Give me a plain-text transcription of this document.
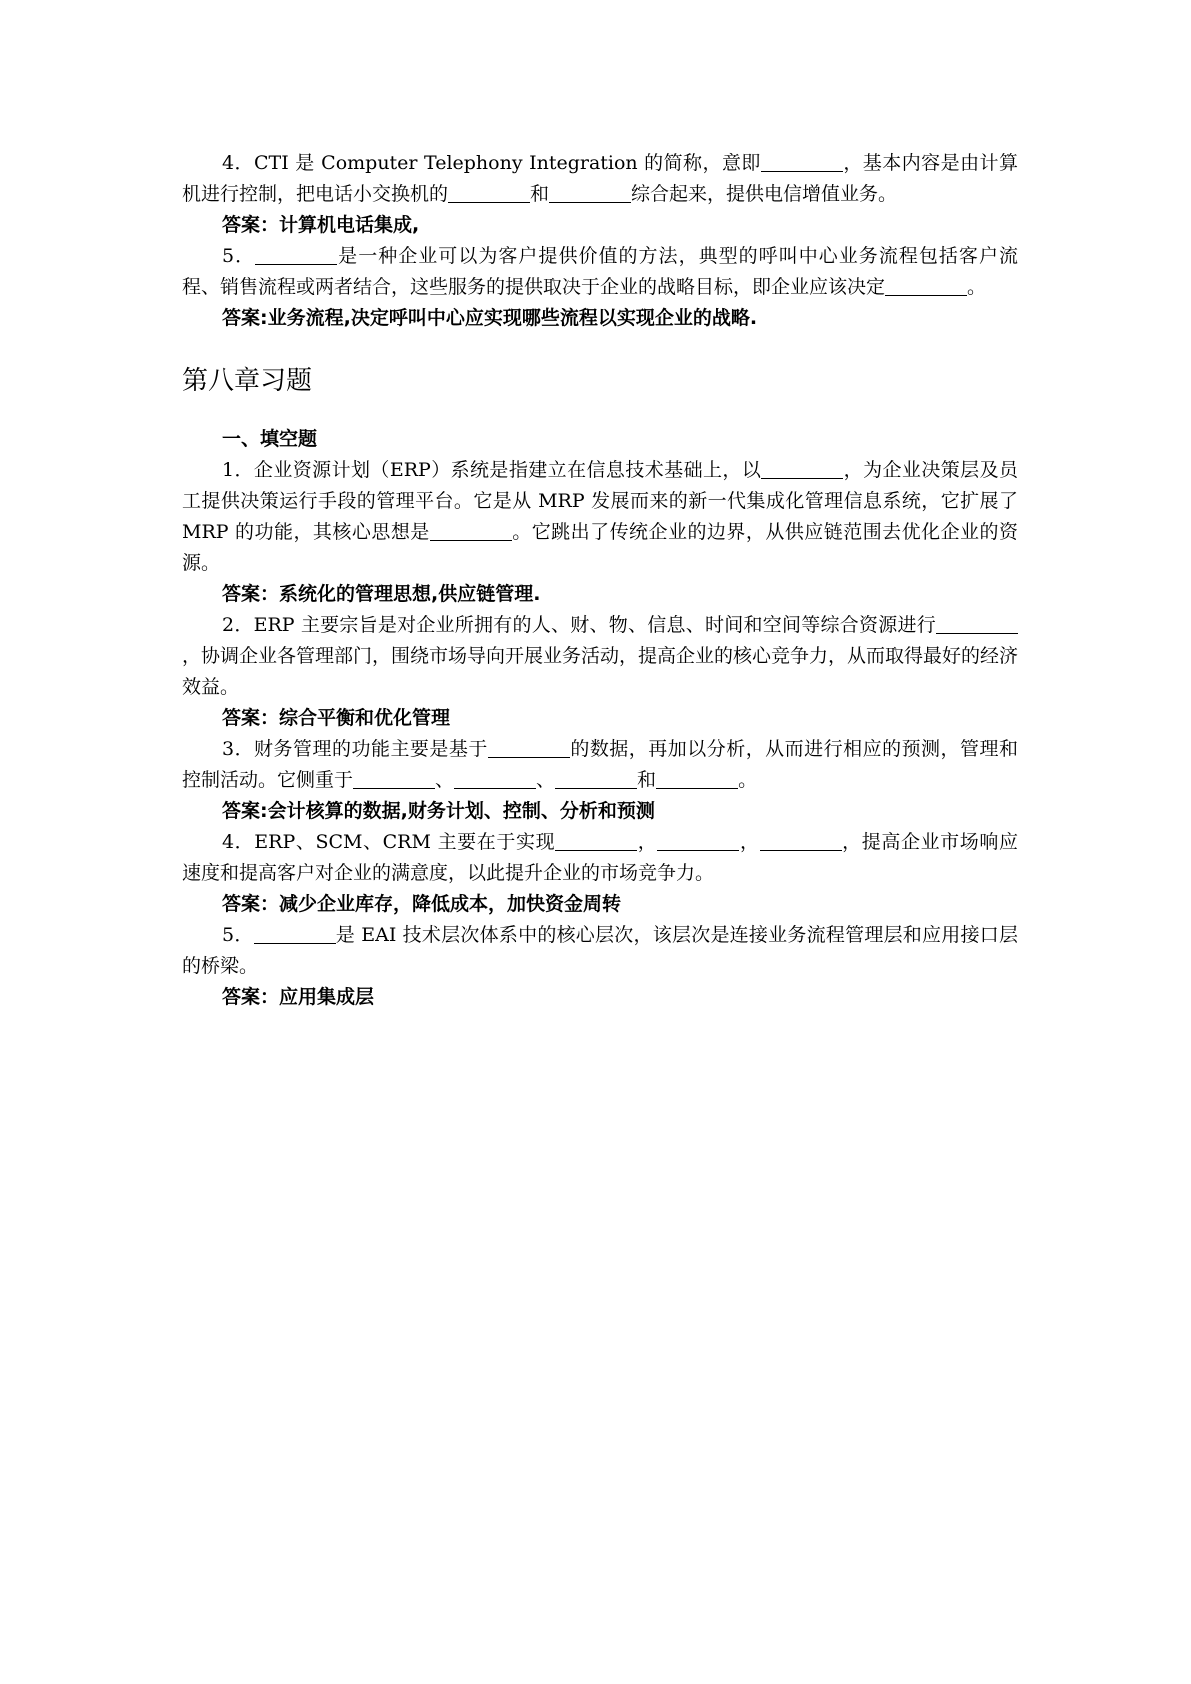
4．CTI 是 Computer Telephony Integration 的简称，意即	，基本内容是由计算机进行控制，把电话小交换机的	和	综合起来，提供电信增值业务。

答案：计算机电话集成,

5．	是一种企业可以为客户提供价值的方法，典型的呼叫中心业务流程包括客户流程、销售流程或两者结合，这些服务的提供取决于企业的战略目标，即企业应该决定	。

答案:业务流程,决定呼叫中心应实现哪些流程以实现企业的战略.

第八章习题

一、填空题

1．企业资源计划（ERP）系统是指建立在信息技术基础上，以	，为企业决策层及员工提供决策运行手段的管理平台。它是从 MRP 发展而来的新一代集成化管理信息系统，它扩展了 MRP 的功能，其核心思想是	。它跳出了传统企业的边界，从供应链范围去优化企业的资源。

答案：系统化的管理思想,供应链管理.

2．ERP 主要宗旨是对企业所拥有的人、财、物、信息、时间和空间等综合资源进行，协调企业各管理部门，围绕市场导向开展业务活动，提高企业的核心竞争力，从而取得最好的经济效益。

答案：综合平衡和优化管理

3．财务管理的功能主要是基于	的数据，再加以分析，从而进行相应的预测，管理和控制活动。它侧重于	、	、	和	。

答案:会计核算的数据,财务计划、控制、分析和预测

4．ERP、SCM、CRM 主要在于实现	，	，	，提高企业市场响应速度和提高客户对企业的满意度，以此提升企业的市场竞争力。

答案：减少企业库存，降低成本，加快资金周转

5．	是 EAI 技术层次体系中的核心层次，该层次是连接业务流程管理层和应用接口层的桥梁。

答案：应用集成层
